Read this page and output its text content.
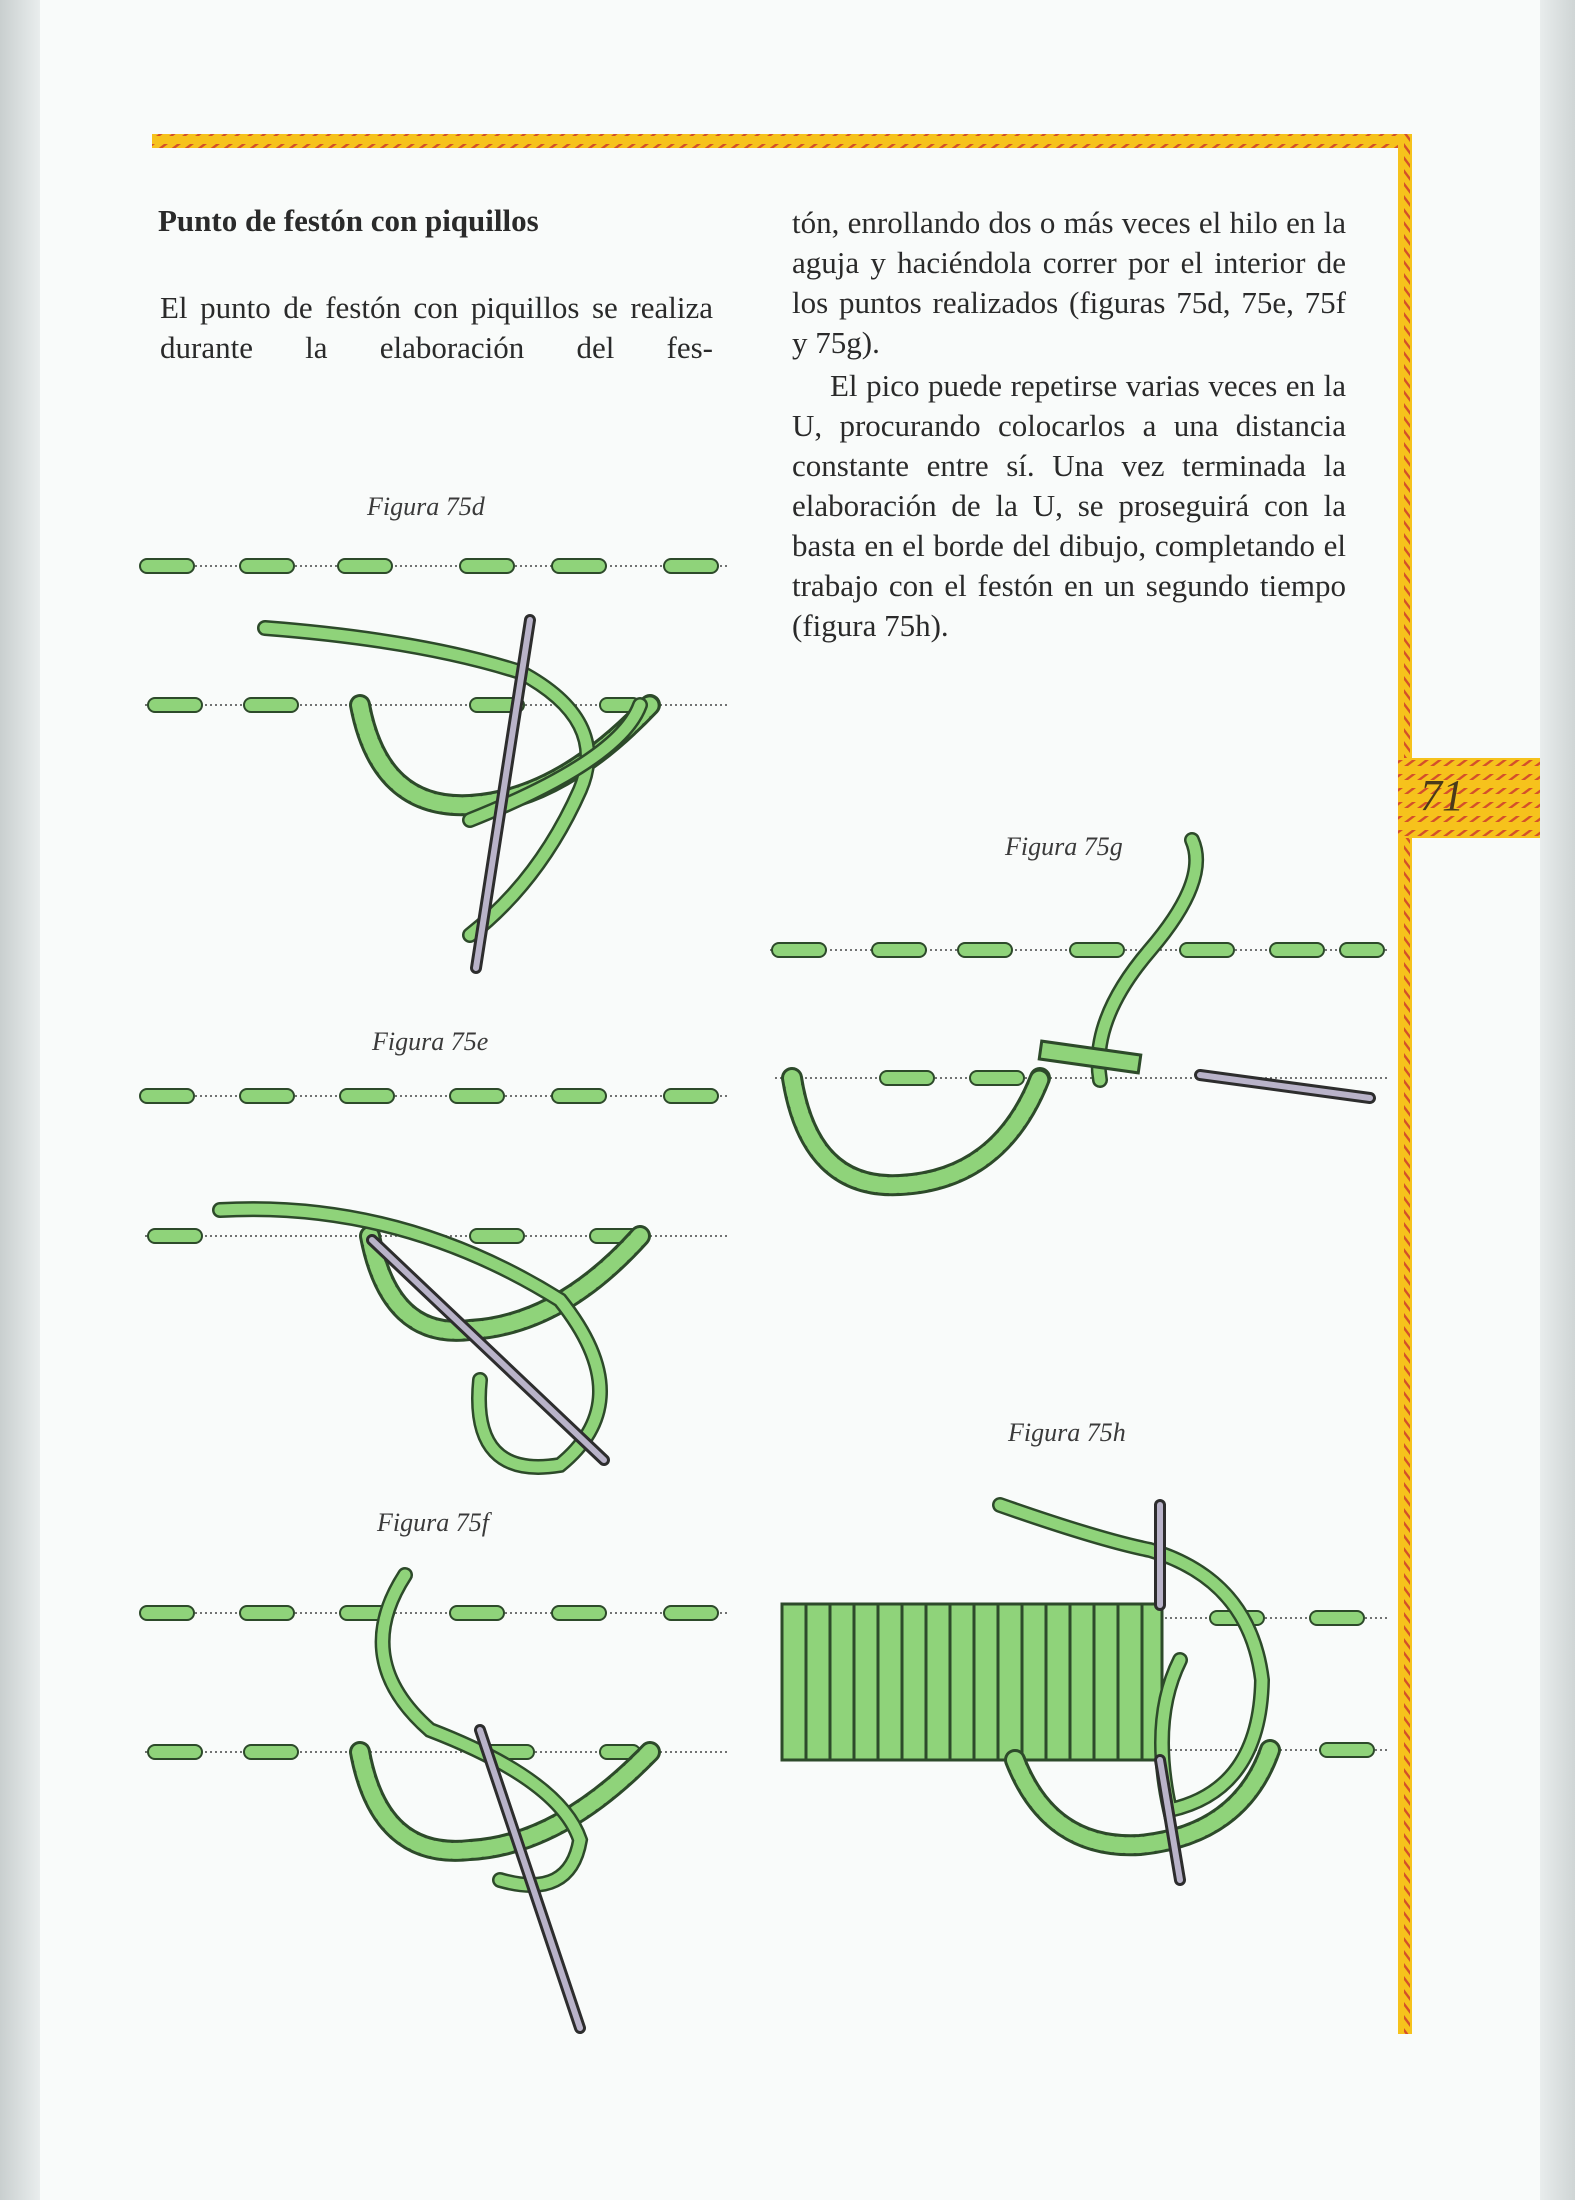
Punto de festón con piquillos

El punto de festón con piquillos se realiza durante la elaboración del fes-

tón, enrollando dos o más veces el hilo en la aguja y haciéndola correr por el interior de los puntos realizados (figuras 75d, 75e, 75f y 75g).

El pico puede repetirse varias veces en la U, procurando colocarlos a una distancia constante entre sí. Una vez terminada la elaboración de la U, se proseguirá con la basta en el borde del dibujo, completando el trabajo con el festón en un segundo tiempo (figura 75h).

Figura 75d
Figura 75e
Figura 75f
Figura 75g
Figura 75h
71
